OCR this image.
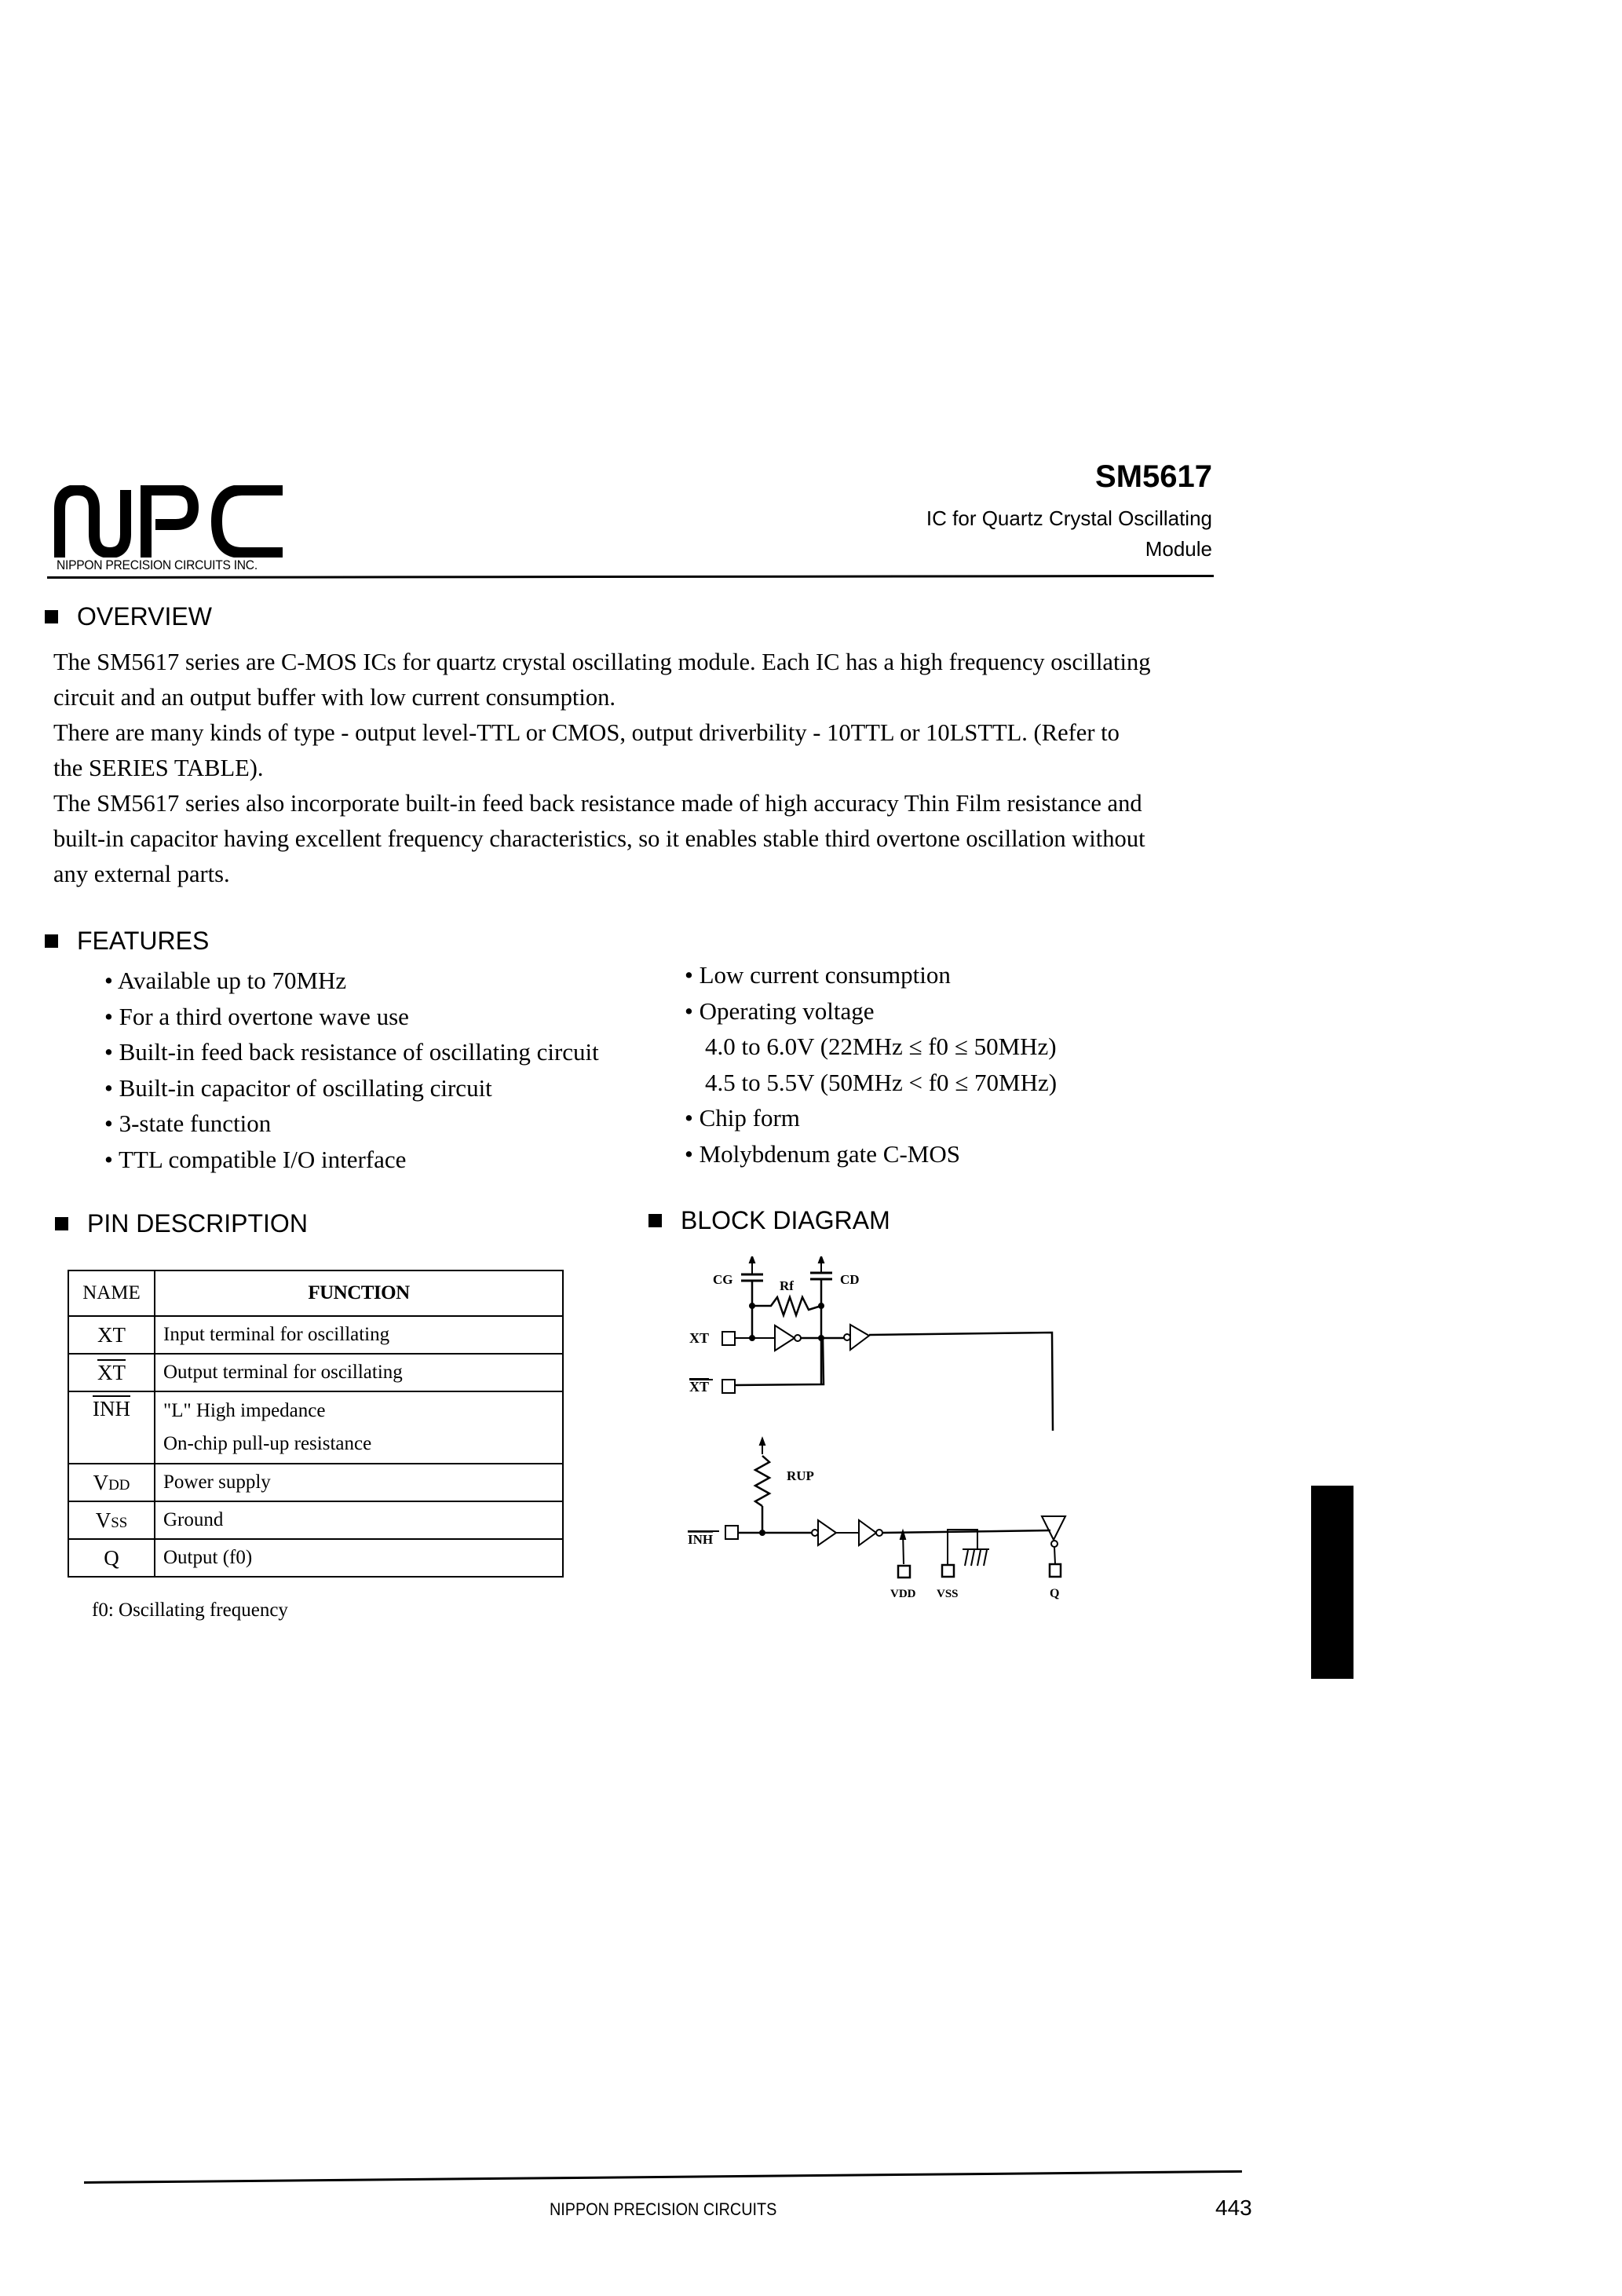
NIPPON PRECISION CIRCUITS INC.
SM5617
IC for Quartz Crystal Oscillating
Module
OVERVIEW

The SM5617 series are C-MOS ICs for quartz crystal oscillating module. Each IC has a high frequency oscillating circuit and an output buffer with low current consumption.

There are many kinds of type - output level-TTL or CMOS, output driverbility - 10TTL or 10LSTTL. (Refer to the SERIES TABLE).

The SM5617 series also incorporate built-in feed back resistance made of high accuracy Thin Film resistance and built-in capacitor having excellent frequency characteristics, so it enables stable third overtone oscillation without any external parts.

FEATURES
• Available up to 70MHz
• For a third overtone wave use
• Built-in feed back resistance of oscillating circuit
• Built-in capacitor of oscillating circuit
• 3-state function
• TTL compatible I/O interface
• Low current consumption
• Operating voltage
4.0 to 6.0V (22MHz ≤ f0 ≤ 50MHz)
4.5 to 5.5V (50MHz < f0 ≤ 70MHz)
• Chip form
• Molybdenum gate C-MOS
PIN DESCRIPTION
NAME	FUNCTION
XT	Input terminal for oscillating
$\overline{XT}$	Output terminal for oscillating
$\overline{INH}$	"L" High impedance
On-chip pull-up resistance

VDD	Power supply
VSS	Ground
Q	Output (f0)
f0: Oscillating frequency
BLOCK DIAGRAM
CG	CD
Rf
XT
XT
RUP
INH
Q
VDD VSS
NIPPON PRECISION CIRCUITS	443
